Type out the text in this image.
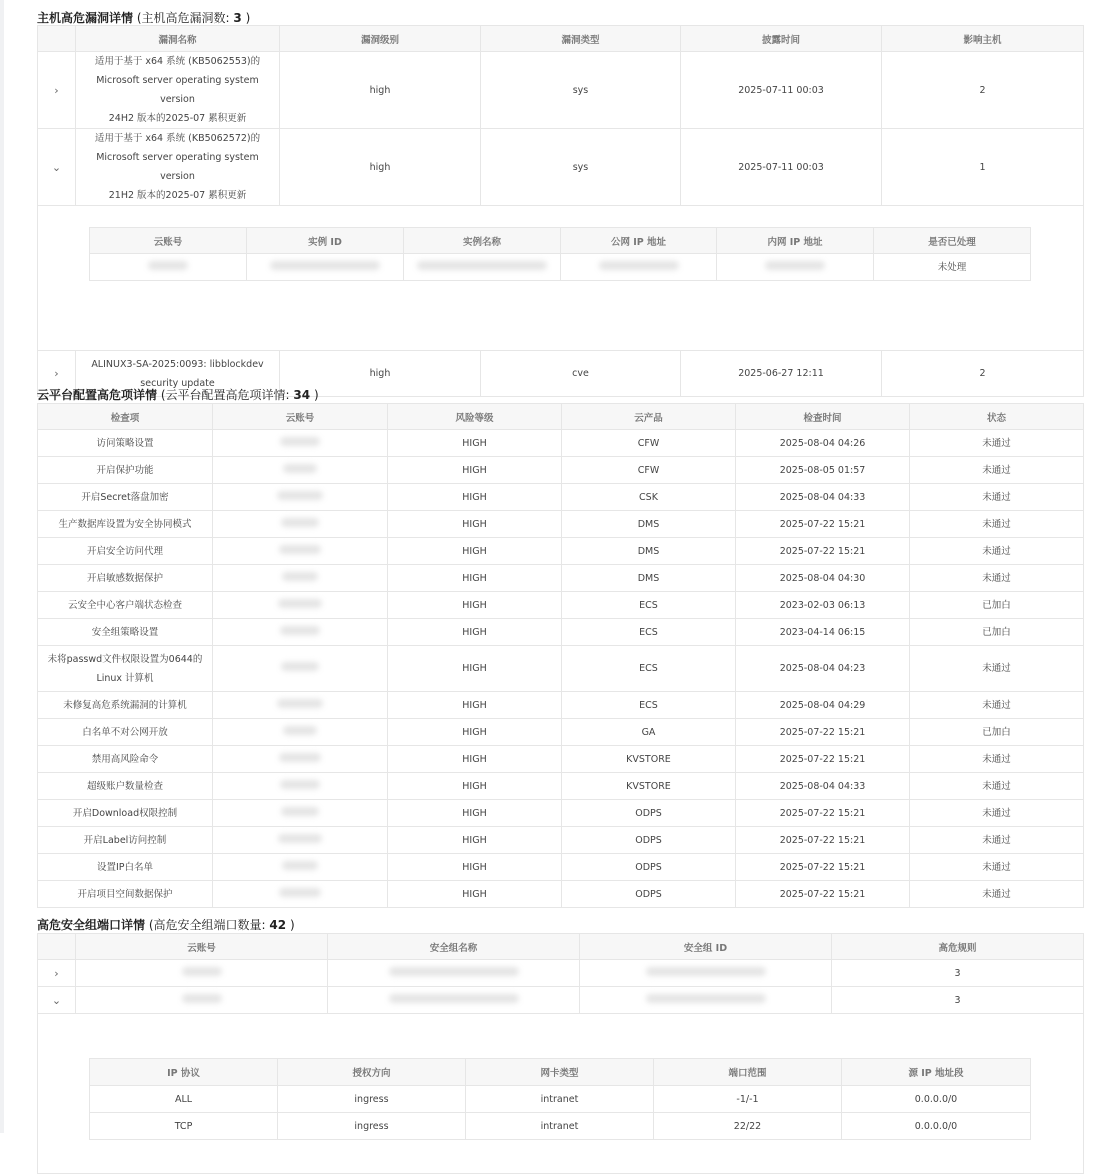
主机高危漏洞详情 (主机高危漏洞数: 3 )
	漏洞名称	漏洞级别	漏洞类型	披露时间	影响主机
›	适用于基于 x64 系统 (KB5062553)的
Microsoft server operating system version
24H2 版本的2025-07 累积更新	high	sys	2025-07-11 00:03	2
⌄	适用于基于 x64 系统 (KB5062572)的
Microsoft server operating system version
21H2 版本的2025-07 累积更新	high	sys	2025-07-11 00:03	1

›	ALINUX3-SA-2025:0093: libblockdev
security update	high	cve	2025-06-27 12:11	2
云账号	实例 ID	实例名称	公网 IP 地址	内网 IP 地址	是否已处理
					未处理
云平台配置高危项详情 (云平台配置高危项详情: 34 )
检查项	云账号	风险等级	云产品	检查时间	状态

访问策略设置		HIGH	CFW	2025-08-04 04:26	未通过

开启保护功能		HIGH	CFW	2025-08-05 01:57	未通过

开启Secret落盘加密		HIGH	CSK	2025-08-04 04:33	未通过

生产数据库设置为安全协同模式		HIGH	DMS	2025-07-22 15:21	未通过

开启安全访问代理		HIGH	DMS	2025-07-22 15:21	未通过

开启敏感数据保护		HIGH	DMS	2025-08-04 04:30	未通过

云安全中心客户端状态检查		HIGH	ECS	2023-02-03 06:13	已加白

安全组策略设置		HIGH	ECS	2023-04-14 06:15	已加白

未将passwd文件权限设置为0644的
Linux 计算机		HIGH	ECS	2025-08-04 04:23	未通过

未修复高危系统漏洞的计算机		HIGH	ECS	2025-08-04 04:29	未通过

白名单不对公网开放		HIGH	GA	2025-07-22 15:21	已加白

禁用高风险命令		HIGH	KVSTORE	2025-07-22 15:21	未通过

超级账户数量检查		HIGH	KVSTORE	2025-08-04 04:33	未通过

开启Download权限控制		HIGH	ODPS	2025-07-22 15:21	未通过

开启Label访问控制		HIGH	ODPS	2025-07-22 15:21	未通过

设置IP白名单		HIGH	ODPS	2025-07-22 15:21	未通过

开启项目空间数据保护		HIGH	ODPS	2025-07-22 15:21	未通过
高危安全组端口详情 (高危安全组端口数量: 42 )
	云账号	安全组名称	安全组 ID	高危规则
›				3
⌄				3

IP 协议	授权方向	网卡类型	端口范围	源 IP 地址段
ALL	ingress	intranet	-1/-1	0.0.0.0/0
TCP	ingress	intranet	22/22	0.0.0.0/0
